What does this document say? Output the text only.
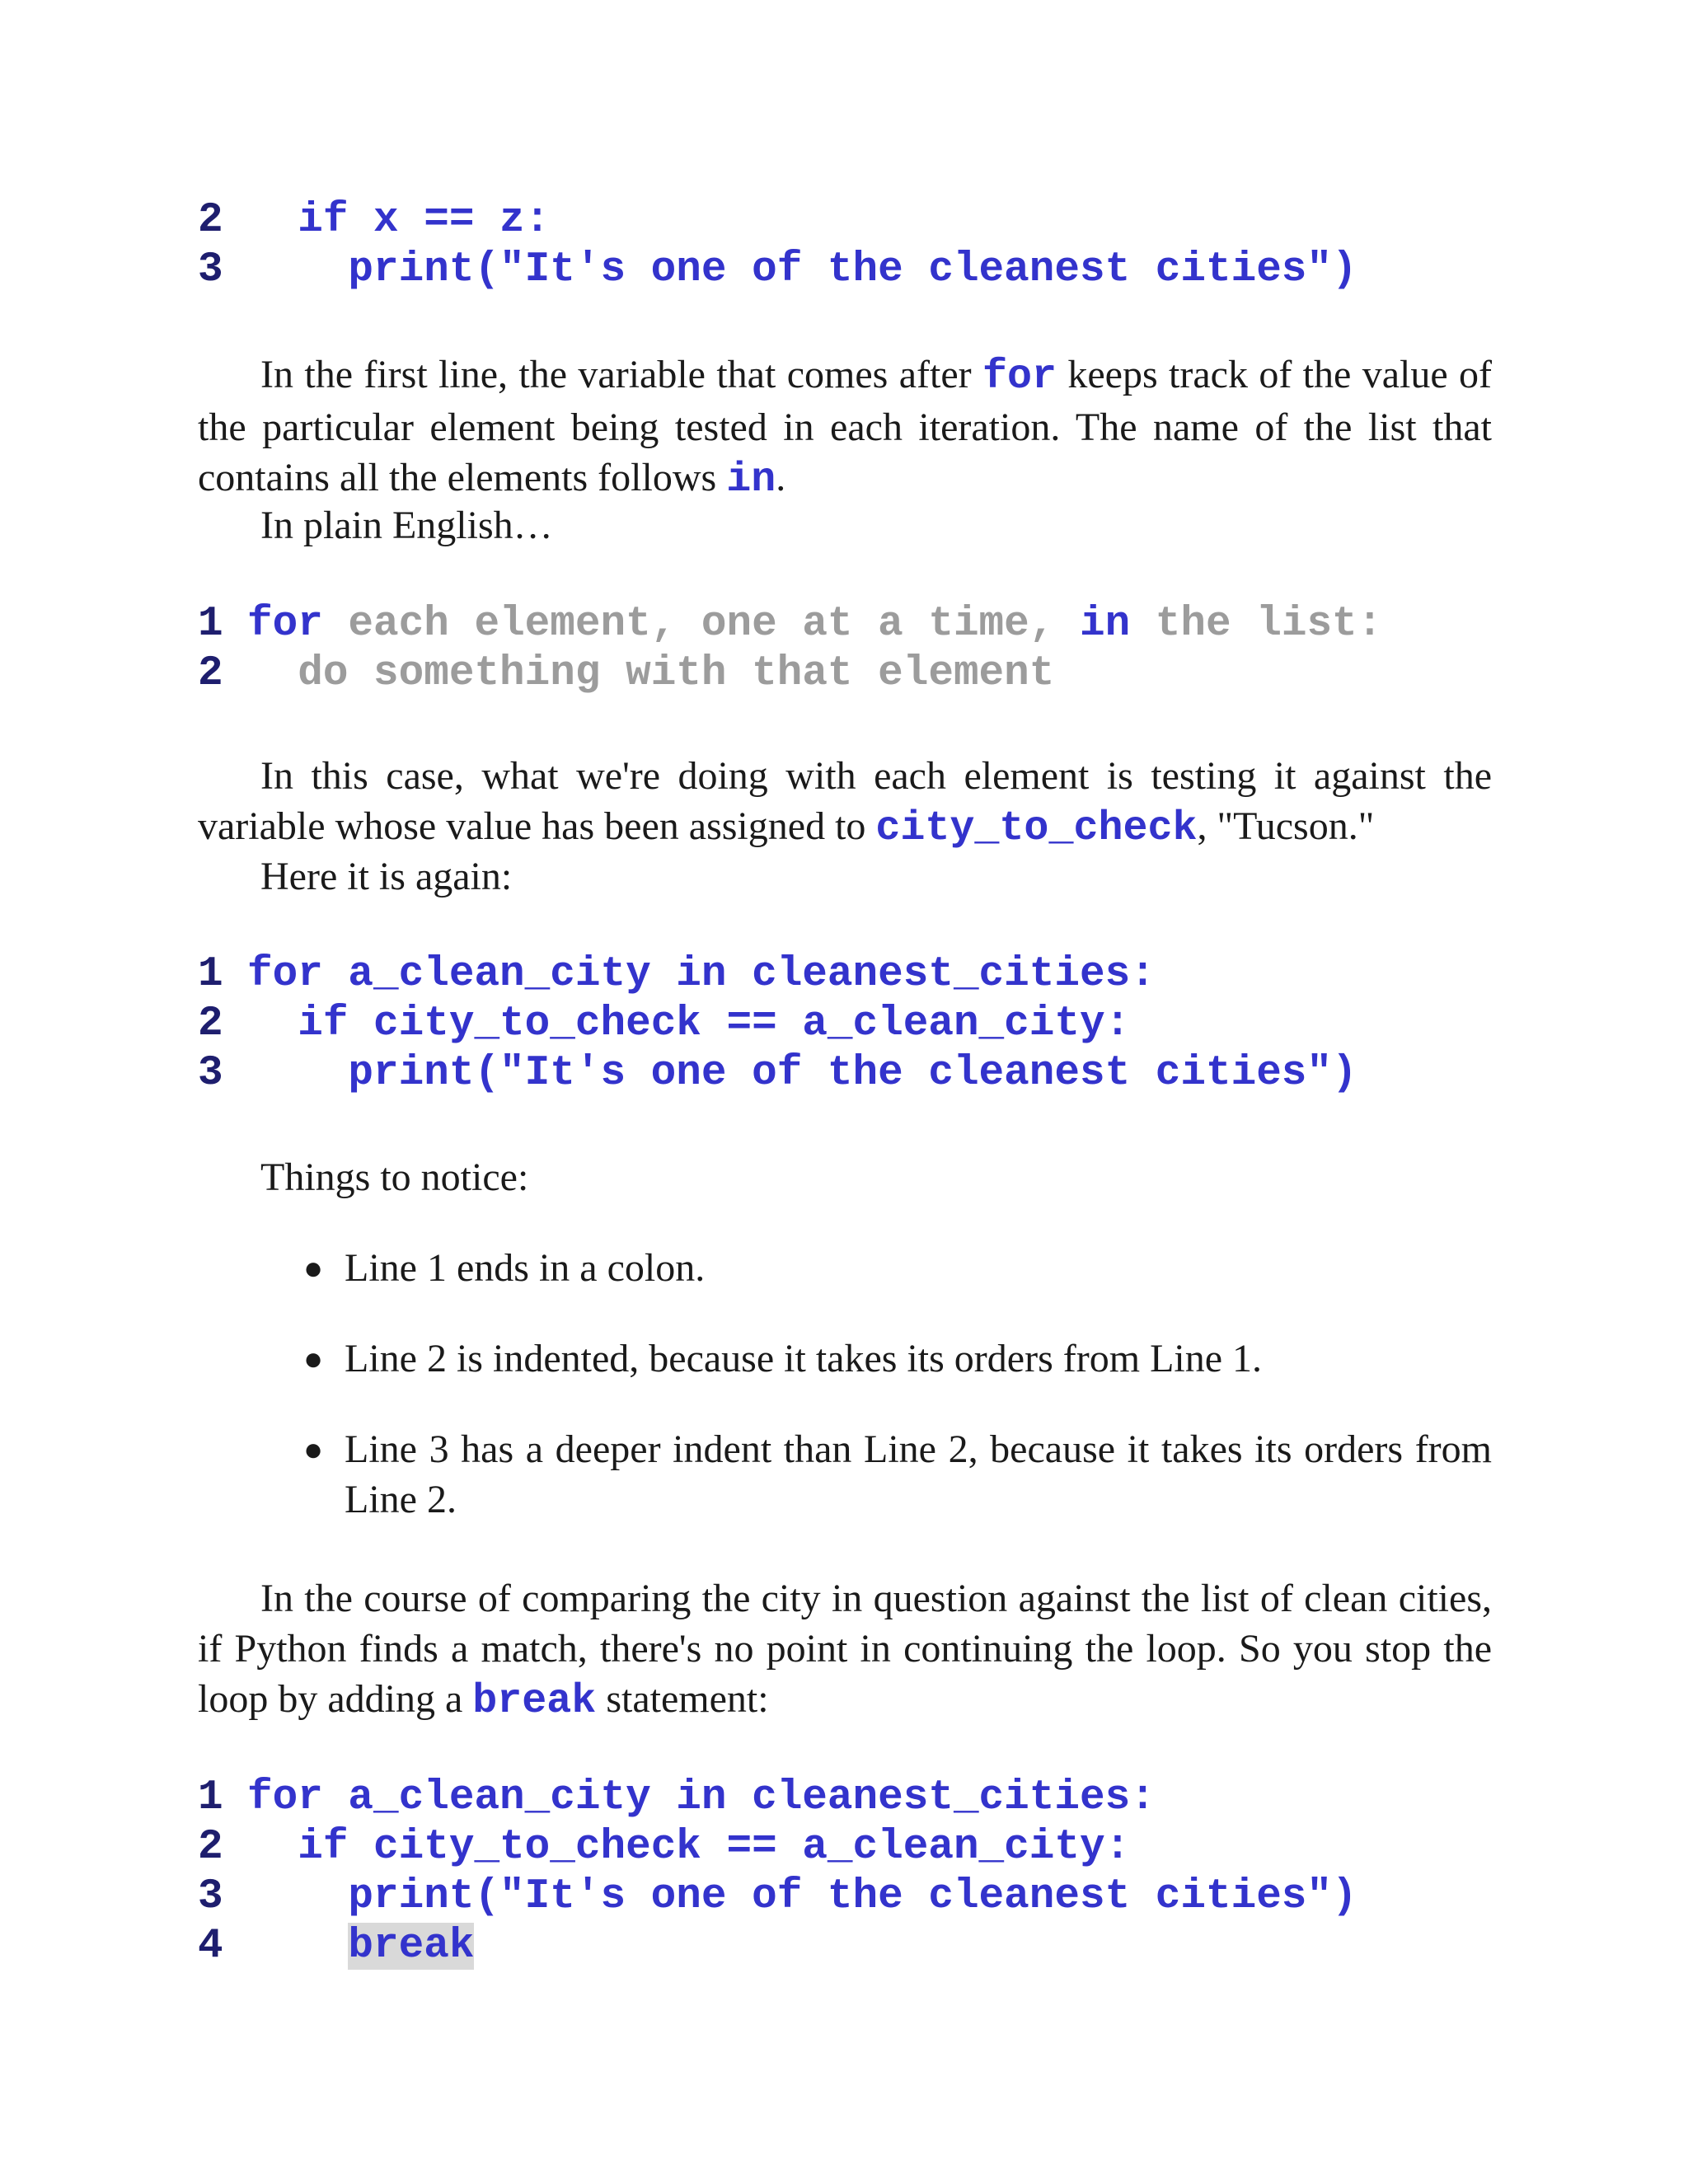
2 if x == z:
3	print("It's one of the cleanest cities")

In the first line, the variable that comes after for keeps track of the value of the particular element being tested in each iteration. The name of the list that contains all the elements follows in.

In plain English…

1 for each element, one at a time, in the list:
2 do something with that element

In this case, what we're doing with each element is testing it against the variable whose value has been assigned to city_to_check, "Tucson."

Here it is again:

1 for a_clean_city in cleanest_cities:
2 if city_to_check == a_clean_city:
3	print("It's one of the cleanest cities")

Things to notice:

● Line 1 ends in a colon.
● Line 2 is indented, because it takes its orders from Line 1.
● Line 3 has a deeper indent than Line 2, because it takes its orders from Line 2.

In the course of comparing the city in question against the list of clean cities, if Python finds a match, there's no point in continuing the loop. So you stop the loop by adding a break statement:

1 for a_clean_city in cleanest_cities:
2 if city_to_check == a_clean_city:
3	print("It's one of the cleanest cities")
4	break
